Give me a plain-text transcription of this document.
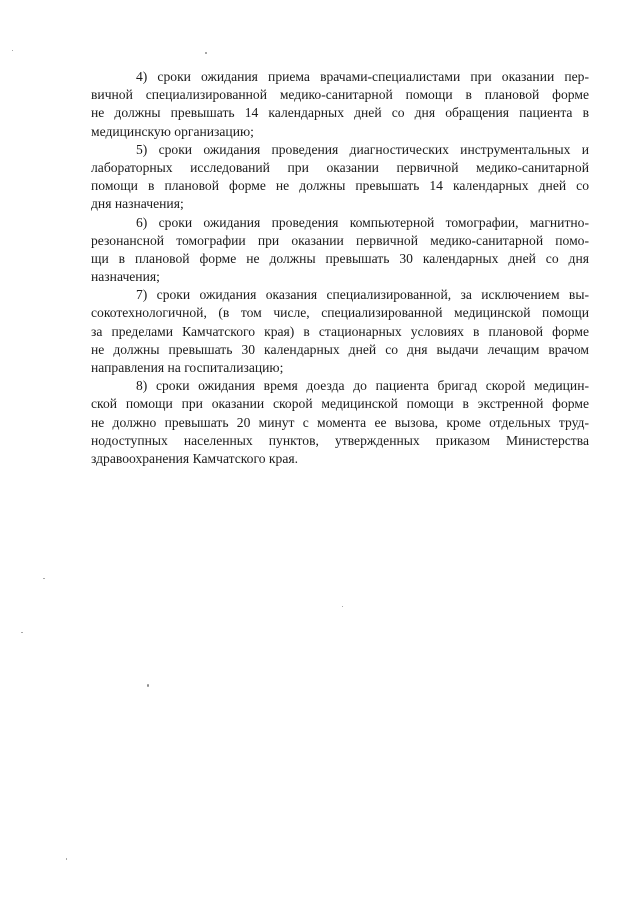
4) сроки ожидания приема врачами-специалистами при оказании пер-
вичной специализированной медико-санитарной помощи в плановой форме
не должны превышать 14 календарных дней со дня обращения пациента в
медицинскую организацию;
5) сроки ожидания проведения диагностических инструментальных и
лабораторных исследований при оказании первичной медико-санитарной
помощи в плановой форме не должны превышать 14 календарных дней со
дня назначения;
6) сроки ожидания проведения компьютерной томографии, магнитно-
резонансной томографии при оказании первичной медико-санитарной помо-
щи в плановой форме не должны превышать 30 календарных дней со дня
назначения;
7) сроки ожидания оказания специализированной, за исключением вы-
сокотехнологичной, (в том числе, специализированной медицинской помощи
за пределами Камчатского края) в стационарных условиях в плановой форме
не должны превышать 30 календарных дней со дня выдачи лечащим врачом
направления на госпитализацию;
8) сроки ожидания время доезда до пациента бригад скорой медицин-
ской помощи при оказании скорой медицинской помощи в экстренной форме
не должно превышать 20 минут с момента ее вызова, кроме отдельных труд-
нодоступных населенных пунктов, утвержденных приказом Министерства
здравоохранения Камчатского края.
